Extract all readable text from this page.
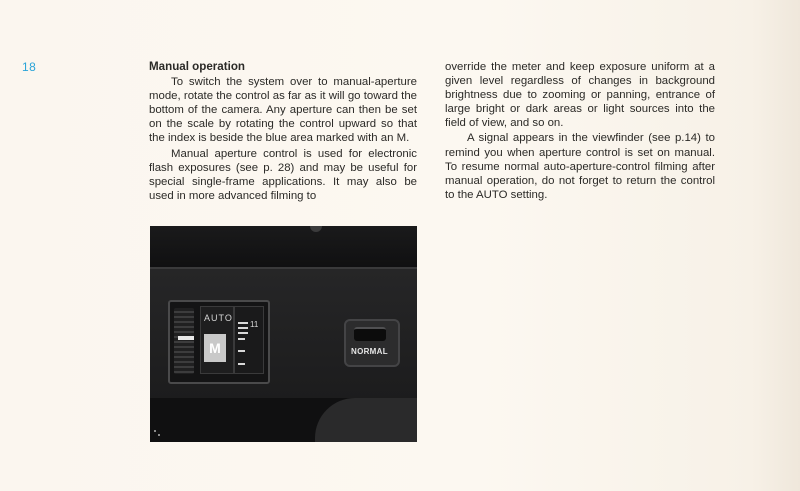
18	Manual operation

To switch the system over to manual-aperture mode, rotate the control as far as it will go toward the bottom of the camera. Any aperture can then be set on the scale by rotating the control upward so that the index is beside the blue area marked with an M.

Manual aperture control is used for electronic flash exposures (see p. 28) and may be useful for special single-frame applications. It may also be used in more advanced filming to

override the meter and keep exposure uniform at a given level regardless of changes in background brightness due to zooming or panning, entrance of large bright or dark areas or light sources into the field of view, and so on.

A signal appears in the viewfinder (see p.14) to remind you when aperture control is set on manual. To resume normal auto-aperture-control filming after manual operation, do not forget to return the control to the AUTO setting.

AUTO
M
11
NORMAL
